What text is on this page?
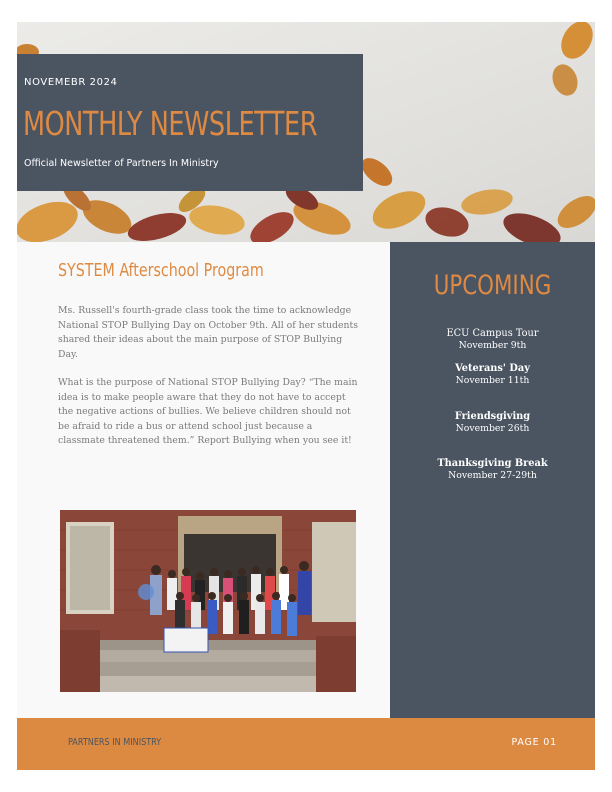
NOVEMEBR 2024
MONTHLY NEWSLETTER
Official Newsletter of Partners In Ministry
SYSTEM Afterschool Program

Ms. Russell's fourth-grade class took the time to acknowledge National STOP Bullying Day on October 9th. All of her students shared their ideas about the main purpose of STOP Bullying Day.

What is the purpose of National STOP Bullying Day? “The main idea is to make people aware that they do not have to accept the negative actions of bullies. We believe children should not be afraid to ride a bus or attend school just because a classmate threatened them.” Report Bullying when you see it!

UPCOMING
ECU Campus Tour
November 9th
Veterans' Day
November 11th
Friendsgiving
November 26th
Thanksgiving Break
November 27-29th
PARTNERS IN MINISTRY	PAGE 01
